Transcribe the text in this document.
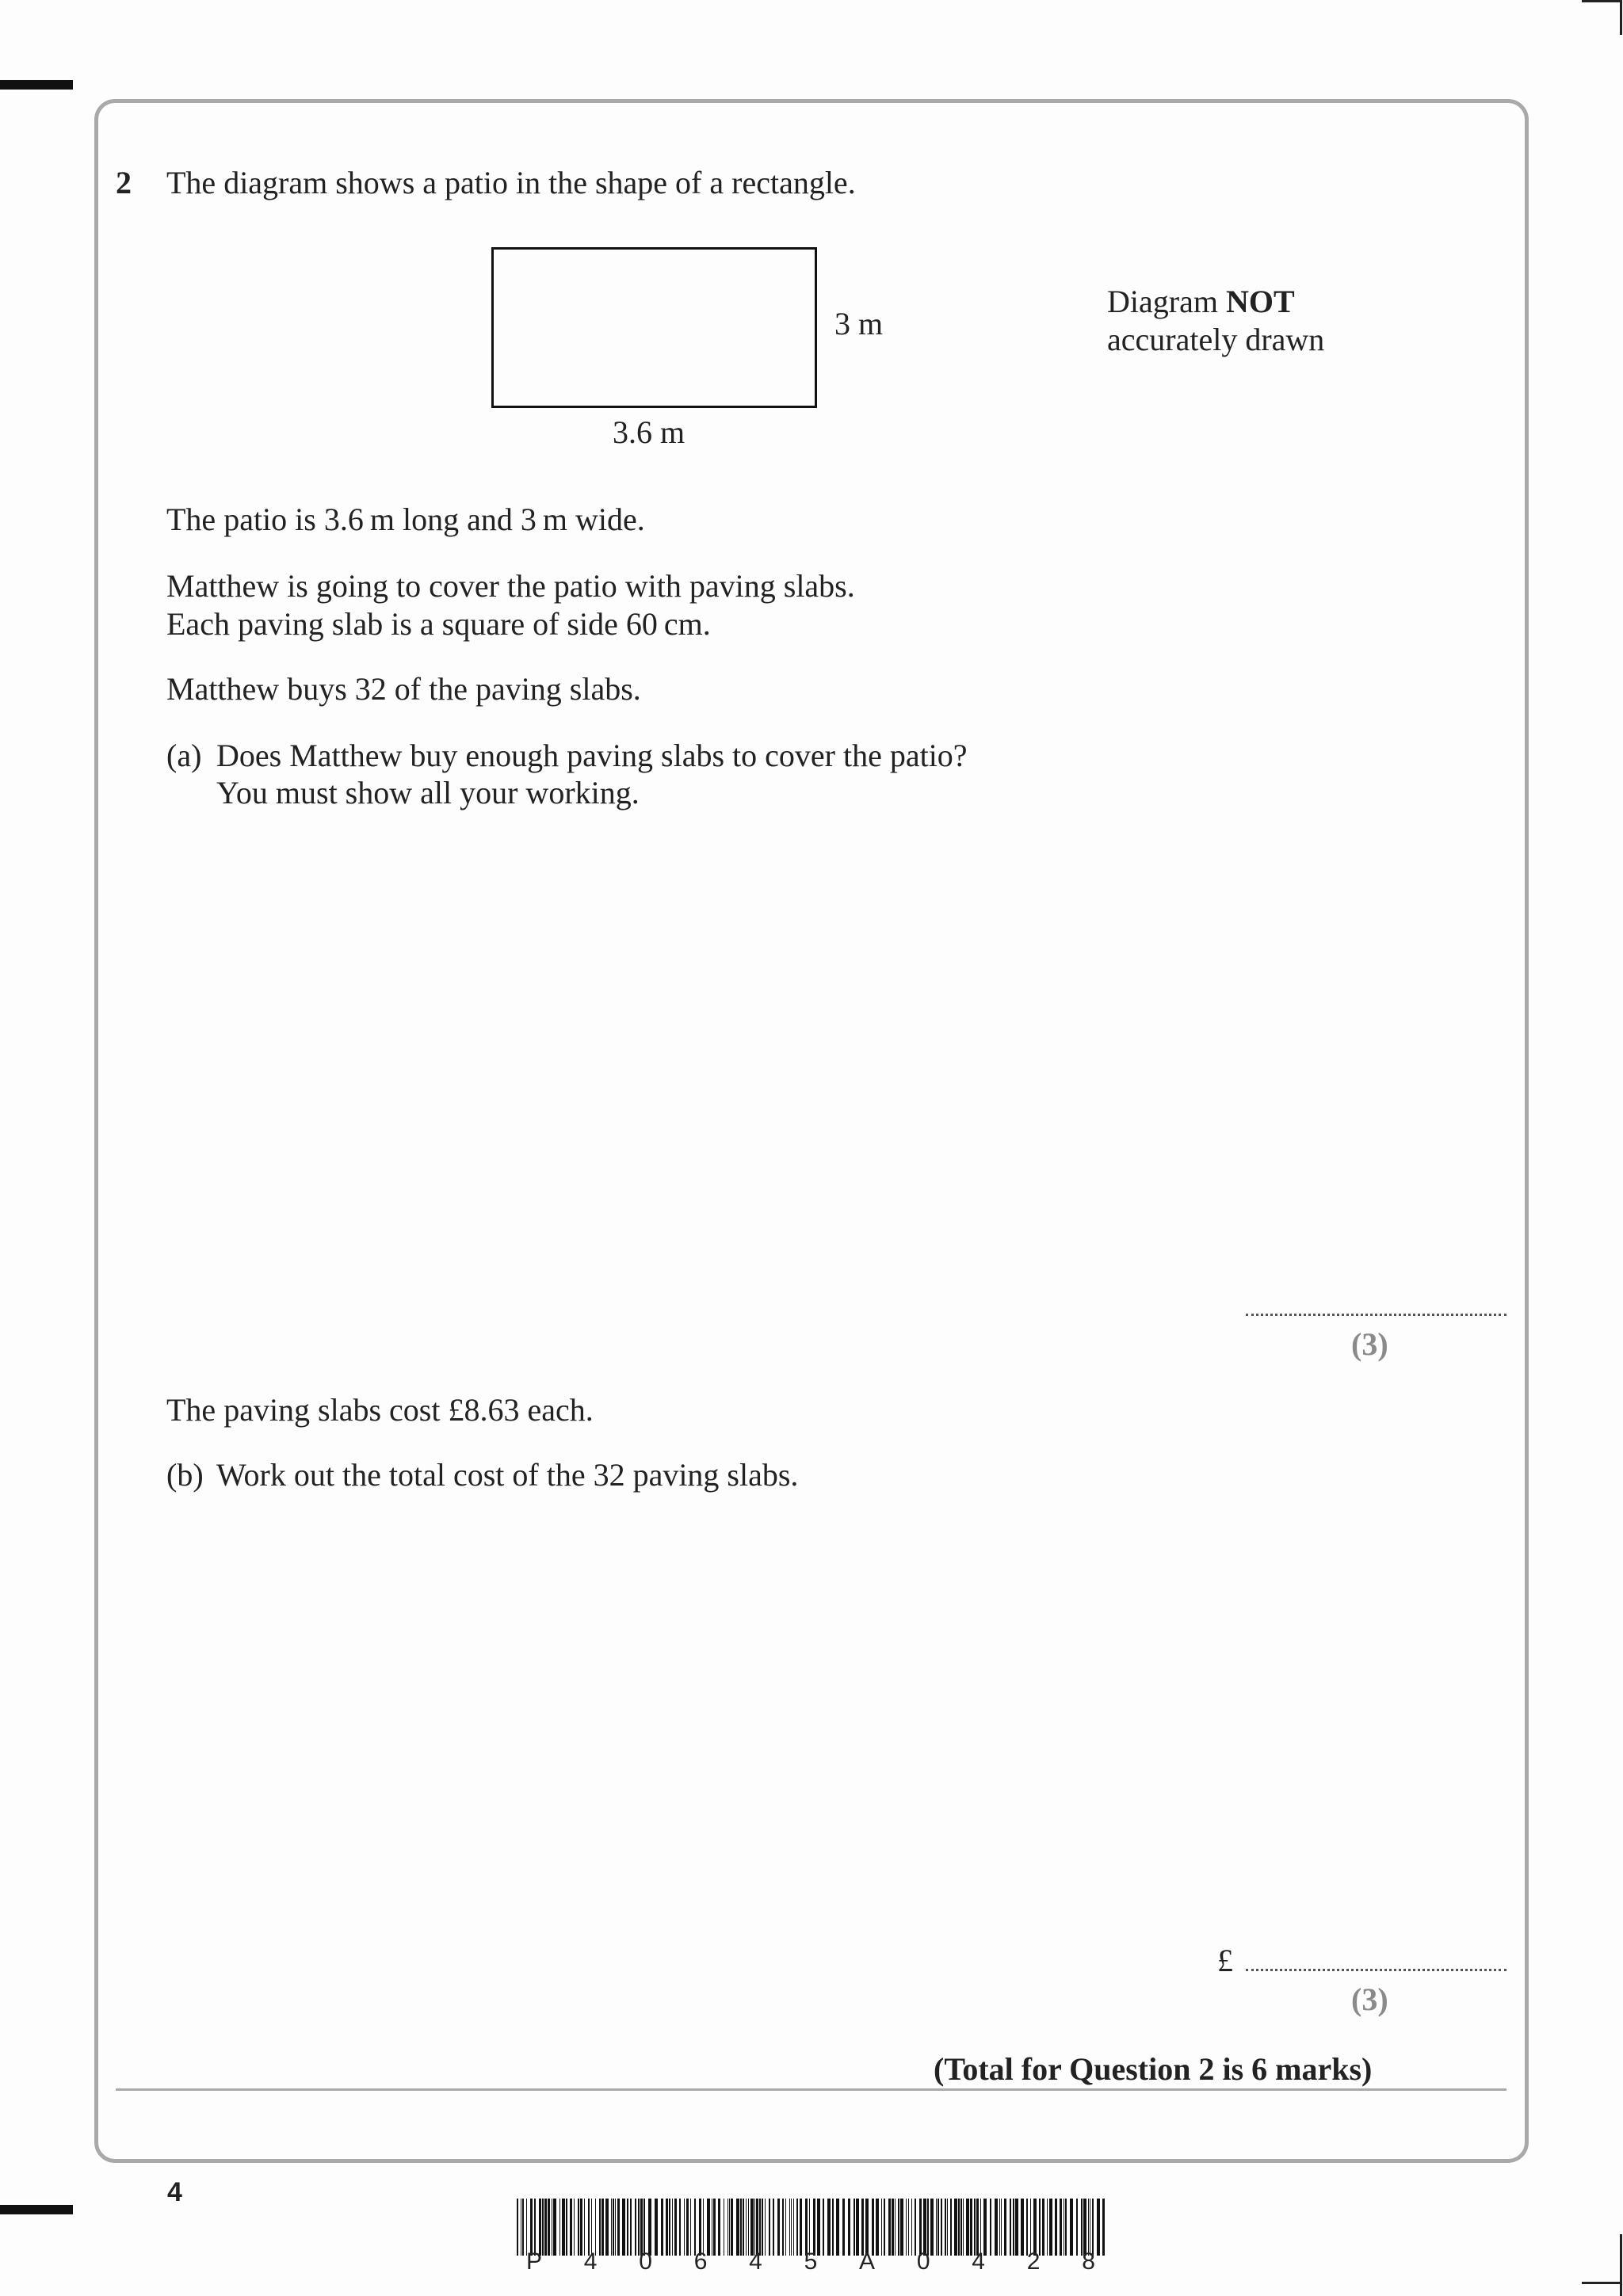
2 The diagram shows a patio in the shape of a rectangle.
3 m
3.6 m
Diagram NOT
accurately drawn
The patio is 3.6 m long and 3 m wide.
Matthew is going to cover the patio with paving slabs.
Each paving slab is a square of side 60 cm.
Matthew buys 32 of the paving slabs.
(a) Does Matthew buy enough paving slabs to cover the patio?
You must show all your working.
(3)
The paving slabs cost £8.63 each.
(b) Work out the total cost of the 32 paving slabs.
£
(3)
(Total for Question 2 is 6 marks)
4
P 4 0 6 4 5 A 0 4 2 8
